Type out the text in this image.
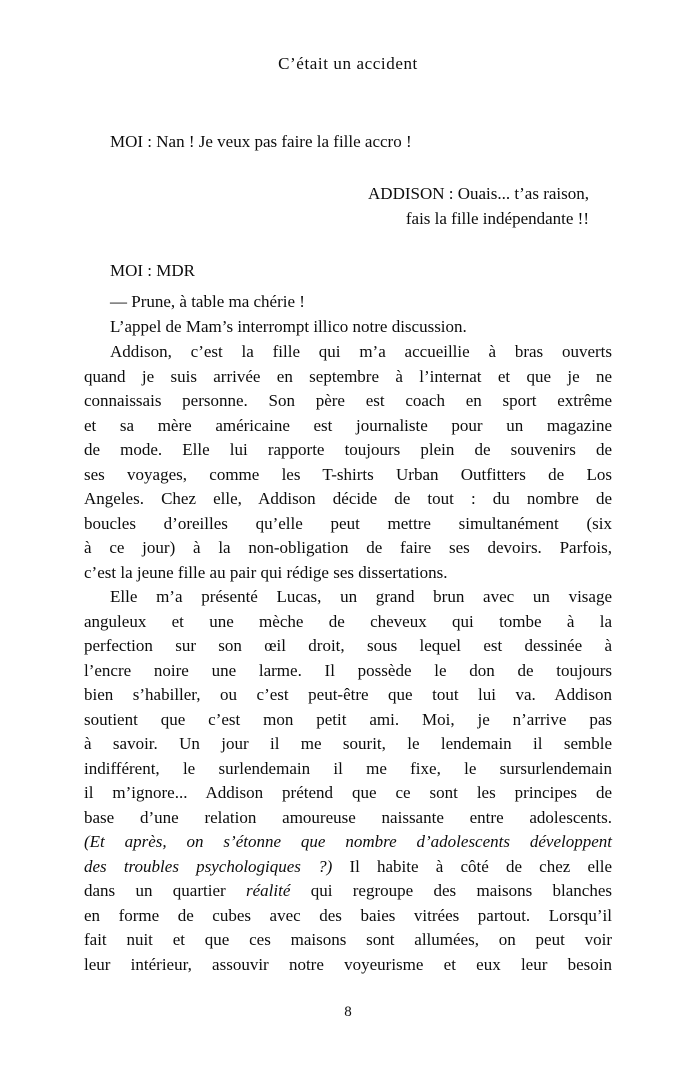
C’était un accident
MOI : Nan ! Je veux pas faire la fille accro !
ADDISON : Ouais... t’as raison,
fais la fille indépendante !!
MOI : MDR
— Prune, à table ma chérie !
L’appel de Mam’s interrompt illico notre discussion.
Addison, c’est la fille qui m’a accueillie à bras ouverts
quand je suis arrivée en septembre à l’internat et que je ne
connaissais personne. Son père est coach en sport extrême
et sa mère américaine est journaliste pour un magazine
de mode. Elle lui rapporte toujours plein de souvenirs de
ses voyages, comme les T-shirts Urban Outfitters de Los
Angeles. Chez elle, Addison décide de tout : du nombre de
boucles d’oreilles qu’elle peut mettre simultanément (six
à ce jour) à la non-obligation de faire ses devoirs. Parfois,
c’est la jeune fille au pair qui rédige ses dissertations.
Elle m’a présenté Lucas, un grand brun avec un visage
anguleux et une mèche de cheveux qui tombe à la
perfection sur son œil droit, sous lequel est dessinée à
l’encre noire une larme. Il possède le don de toujours
bien s’habiller, ou c’est peut-être que tout lui va. Addison
soutient que c’est mon petit ami. Moi, je n’arrive pas
à savoir. Un jour il me sourit, le lendemain il semble
indifférent, le surlendemain il me fixe, le sursurlendemain
il m’ignore... Addison prétend que ce sont les principes de
base d’une relation amoureuse naissante entre adolescents.
(Et après, on s’étonne que nombre d’adolescents développent
des troubles psychologiques ?) Il habite à côté de chez elle
dans un quartier réalité qui regroupe des maisons blanches
en forme de cubes avec des baies vitrées partout. Lorsqu’il
fait nuit et que ces maisons sont allumées, on peut voir
leur intérieur, assouvir notre voyeurisme et eux leur besoin
8
